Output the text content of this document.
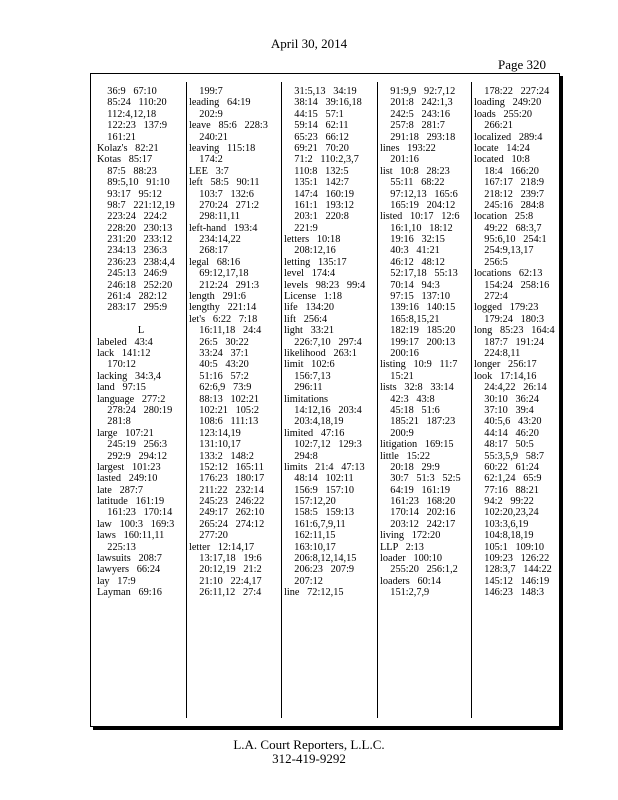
April 30, 2014
Page 320
36:9   67:10
85:24   110:20
112:4,12,18
122:23   137:9
161:21
Kolaz's   82:21
Kotas   85:17
87:5   88:23
89:5,10   91:10
93:17   95:12
98:7   221:12,19
223:24   224:2
228:20   230:13
231:20   233:12
234:13   236:3
236:23   238:4,4
245:13   246:9
246:18   252:20
261:4   282:12
283:17   295:9
L
labeled   43:4
lack   141:12
170:12
lacking   34:3,4
land   97:15
language   277:2
278:24   280:19
281:8
large   107:21
245:19   256:3
292:9   294:12
largest   101:23
lasted   249:10
late   287:7
latitude   161:19
161:23   170:14
law   100:3   169:3
laws   160:11,11
225:13
lawsuits   208:7
lawyers   66:24
lay   17:9
Layman   69:16
199:7
leading   64:19
202:9
leave   85:6   228:3
240:21
leaving   115:18
174:2
LEE   3:7
left   58:5   90:11
103:7   132:6
270:24   271:2
298:11,11
left-hand   193:4
234:14,22
268:17
legal   68:16
69:12,17,18
212:24   291:3
length   291:6
lengthy   221:14
let's   6:22   7:18
16:11,18   24:4
26:5   30:22
33:24   37:1
40:5   43:20
51:16   57:2
62:6,9   73:9
88:13   102:21
102:21   105:2
108:6   111:13
123:14,19
131:10,17
133:2   148:2
152:12   165:11
176:23   180:17
211:22   232:14
245:23   246:22
249:17   262:10
265:24   274:12
277:20
letter   12:14,17
13:17,18   19:6
20:12,19   21:2
21:10   22:4,17
26:11,12   27:4
31:5,13   34:19
38:14   39:16,18
44:15   57:1
59:14   62:11
65:23   66:12
69:21   70:20
71:2   110:2,3,7
110:8   132:5
135:1   142:7
147:4   160:19
161:1   193:12
203:1   220:8
221:9
letters   10:18
208:12,16
letting   135:17
level   174:4
levels   98:23   99:4
License   1:18
life   134:20
lift   256:4
light   33:21
226:7,10   297:4
likelihood   263:1
limit   102:6
156:7,13
296:11
limitations
14:12,16   203:4
203:4,18,19
limited   47:16
102:7,12   129:3
294:8
limits   21:4   47:13
48:14   102:11
156:9   157:10
157:12,20
158:5   159:13
161:6,7,9,11
162:11,15
163:10,17
206:8,12,14,15
206:23   207:9
207:12
line   72:12,15
91:9,9   92:7,12
201:8   242:1,3
242:5   243:16
257:8   281:7
291:18   293:18
lines   193:22
201:16
list   10:8   28:23
55:11   68:22
97:12,13   165:6
165:19   204:12
listed   10:17   12:6
16:1,10   18:12
19:16   32:15
40:3   41:21
46:12   48:12
52:17,18   55:13
70:14   94:3
97:15   137:10
139:16   140:15
165:8,15,21
182:19   185:20
199:17   200:13
200:16
listing   10:9   11:7
15:21
lists   32:8   33:14
42:3   43:8
45:18   51:6
185:21   187:23
200:9
litigation   169:15
little   15:22
20:18   29:9
30:7   51:3   52:5
64:19   161:19
161:23   168:20
170:14   202:16
203:12   242:17
living   172:20
LLP   2:13
loader   100:10
255:20   256:1,2
loaders   60:14
151:2,7,9
178:22   227:24
loading   249:20
loads   255:20
266:21
localized   289:4
locate   14:24
located   10:8
18:4   166:20
167:17   218:9
218:12   239:7
245:16   284:8
location   25:8
49:22   68:3,7
95:6,10   254:1
254:9,13,17
256:5
locations   62:13
154:24   258:16
272:4
logged   179:23
179:24   180:3
long   85:23   164:4
187:7   191:24
224:8,11
longer   256:17
look   17:14,16
24:4,22   26:14
30:10   36:24
37:10   39:4
40:5,6   43:20
44:14   46:20
48:17   50:5
55:3,5,9   58:7
60:22   61:24
62:1,24   65:9
77:16   88:21
94:2   99:22
102:20,23,24
103:3,6,19
104:8,18,19
105:1   109:10
109:23   126:22
128:3,7   144:22
145:12   146:19
146:23   148:3
L.A. Court Reporters, L.L.C.
312-419-9292
